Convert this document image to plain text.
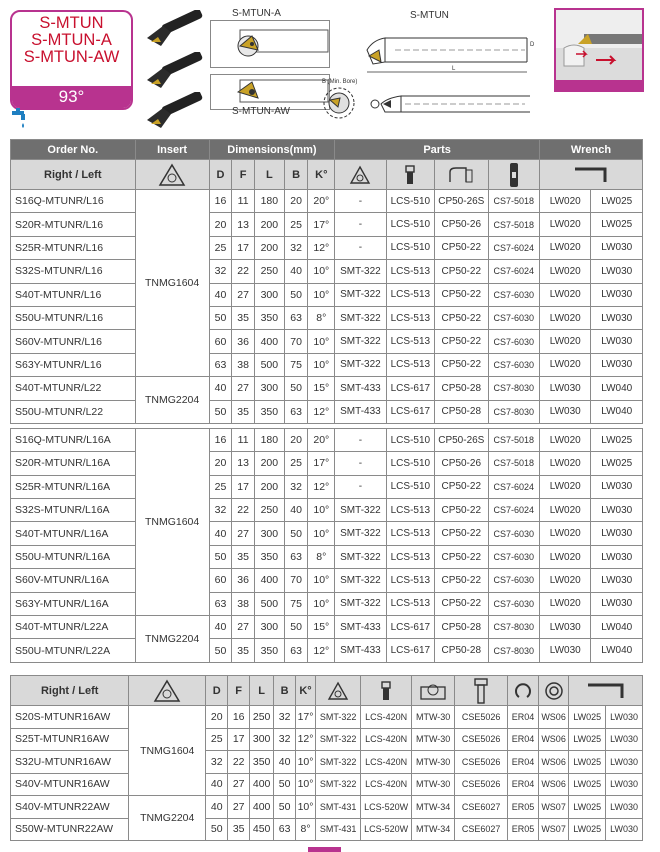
S-MTUN
S-MTUN-A
S-MTUN-AW
93°
S-MTUN-A
S-MTUN-AW
S-MTUN
L
D
B (Min. Bore)
Order No.	Insert	Dimensions(mm)					Parts				Wrench	
Right / Left		D	F	L	B	K°	

S16Q-MTUNR/L16	TNMG1604	16	11	180	20	20°	-	LCS-510	CP50-26S	CS7-5018	LW020	LW025
S20R-MTUNR/L16		20	13	200	25	17°	-	LCS-510	CP50-26	CS7-5018	LW020	LW025
S25R-MTUNR/L16		25	17	200	32	12°	-	LCS-510	CP50-22	CS7-6024	LW020	LW030
S32S-MTUNR/L16		32	22	250	40	10°	SMT-322	LCS-513	CP50-22	CS7-6024	LW020	LW030
S40T-MTUNR/L16		40	27	300	50	10°	SMT-322	LCS-513	CP50-22	CS7-6030	LW020	LW030
S50U-MTUNR/L16		50	35	350	63	8°	SMT-322	LCS-513	CP50-22	CS7-6030	LW020	LW030
S60V-MTUNR/L16		60	36	400	70	10°	SMT-322	LCS-513	CP50-22	CS7-6030	LW020	LW030
S63Y-MTUNR/L16		63	38	500	75	10°	SMT-322	LCS-513	CP50-22	CS7-6030	LW020	LW030
S40T-MTUNR/L22	TNMG2204	40	27	300	50	15°	SMT-433	LCS-617	CP50-28	CS7-8030	LW030	LW040
S50U-MTUNR/L22		50	35	350	63	12°	SMT-433	LCS-617	CP50-28	CS7-8030	LW030	LW040

S16Q-MTUNR/L16A	TNMG1604	16	11	180	20	20°	-	LCS-510	CP50-26S	CS7-5018	LW020	LW025
S20R-MTUNR/L16A		20	13	200	25	17°	-	LCS-510	CP50-26	CS7-5018	LW020	LW025
S25R-MTUNR/L16A		25	17	200	32	12°	-	LCS-510	CP50-22	CS7-6024	LW020	LW030
S32S-MTUNR/L16A		32	22	250	40	10°	SMT-322	LCS-513	CP50-22	CS7-6024	LW020	LW030
S40T-MTUNR/L16A		40	27	300	50	10°	SMT-322	LCS-513	CP50-22	CS7-6030	LW020	LW030
S50U-MTUNR/L16A		50	35	350	63	8°	SMT-322	LCS-513	CP50-22	CS7-6030	LW020	LW030
S60V-MTUNR/L16A		60	36	400	70	10°	SMT-322	LCS-513	CP50-22	CS7-6030	LW020	LW030
S63Y-MTUNR/L16A		63	38	500	75	10°	SMT-322	LCS-513	CP50-22	CS7-6030	LW020	LW030
S40T-MTUNR/L22A	TNMG2204	40	27	300	50	15°	SMT-433	LCS-617	CP50-28	CS7-8030	LW030	LW040
S50U-MTUNR/L22A		50	35	350	63	12°	SMT-433	LCS-617	CP50-28	CS7-8030	LW030	LW040
Right / Left		D	F	L	B	K°	

S20S-MTUNR16AW	TNMG1604	20	16	250	32	17°	SMT-322	LCS-420N	MTW-30	CSE5026	ER04	WS06	LW025	LW030
S25T-MTUNR16AW		25	17	300	32	12°	SMT-322	LCS-420N	MTW-30	CSE5026	ER04	WS06	LW025	LW030
S32U-MTUNR16AW		32	22	350	40	10°	SMT-322	LCS-420N	MTW-30	CSE5026	ER04	WS06	LW025	LW030
S40V-MTUNR16AW		40	27	400	50	10°	SMT-322	LCS-420N	MTW-30	CSE5026	ER04	WS06	LW025	LW030
S40V-MTUNR22AW	TNMG2204	40	27	400	50	10°	SMT-431	LCS-520W	MTW-34	CSE6027	ER05	WS07	LW025	LW030
S50W-MTUNR22AW		50	35	450	63	8°	SMT-431	LCS-520W	MTW-34	CSE6027	ER05	WS07	LW025	LW030
